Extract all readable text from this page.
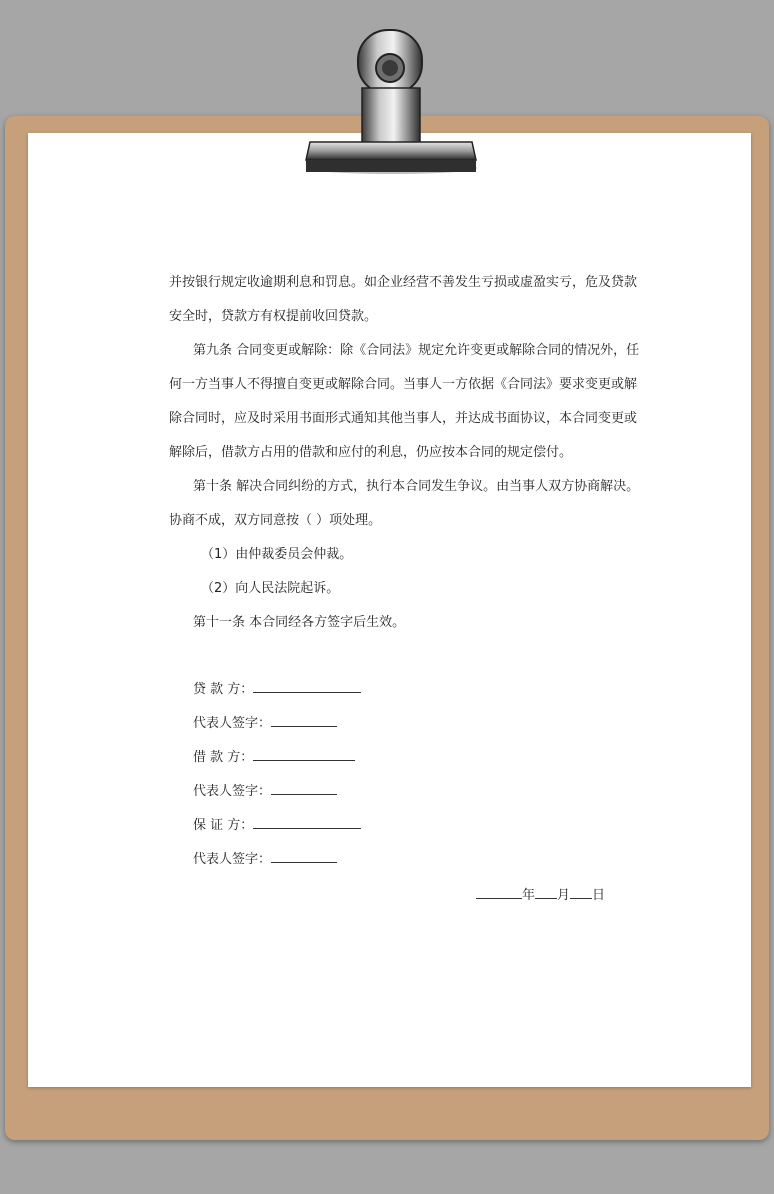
并按银行规定收逾期利息和罚息。如企业经营不善发生亏损或虚盈实亏，危及贷款

安全时，贷款方有权提前收回贷款。

第九条 合同变更或解除：除《合同法》规定允许变更或解除合同的情况外，任

何一方当事人不得擅自变更或解除合同。当事人一方依据《合同法》要求变更或解

除合同时，应及时采用书面形式通知其他当事人，并达成书面协议，本合同变更或

解除后，借款方占用的借款和应付的利息，仍应按本合同的规定偿付。

第十条 解决合同纠纷的方式，执行本合同发生争议。由当事人双方协商解决。

协商不成，双方同意按（ ）项处理。

（1）由仲裁委员会仲裁。

（2）向人民法院起诉。

第十一条 本合同经各方签字后生效。

贷 款 方：
代表人签字：
借 款 方：
代表人签字：
保 证 方：
代表人签字：
年 月 日
